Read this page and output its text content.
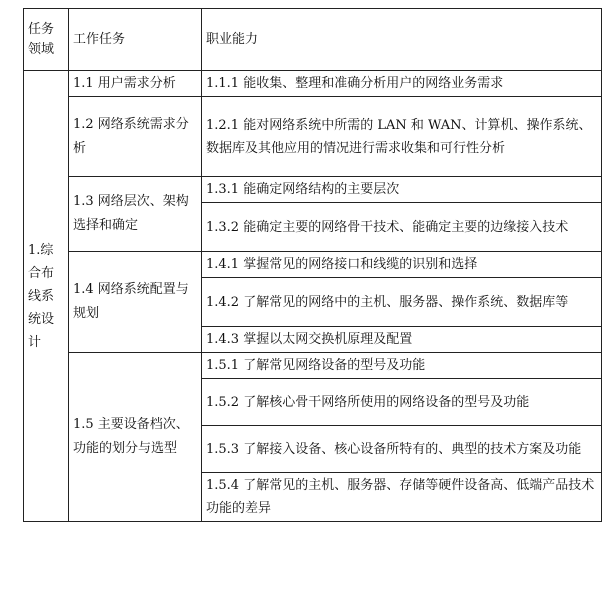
任务领域	工作任务	职业能力
1.综合布线系统设计	1.1 用户需求分析	1.1.1 能收集、整理和准确分析用户的网络业务需求
	1.2 网络系统需求分析	1.2.1 能对网络系统中所需的 LAN 和 WAN、计算机、操作系统、数据库及其他应用的情况进行需求收集和可行性分析
	1.3 网络层次、架构选择和确定	1.3.1 能确定网络结构的主要层次
		1.3.2 能确定主要的网络骨干技术、能确定主要的边缘接入技术
	1.4 网络系统配置与规划	1.4.1 掌握常见的网络接口和线缆的识别和选择
		1.4.2 了解常见的网络中的主机、服务器、操作系统、数据库等
		1.4.3 掌握以太网交换机原理及配置
	1.5 主要设备档次、功能的划分与选型	1.5.1 了解常见网络设备的型号及功能
		1.5.2 了解核心骨干网络所使用的网络设备的型号及功能
		1.5.3 了解接入设备、核心设备所特有的、典型的技术方案及功能
		1.5.4 了解常见的主机、服务器、存储等硬件设备高、低端产品技术功能的差异
